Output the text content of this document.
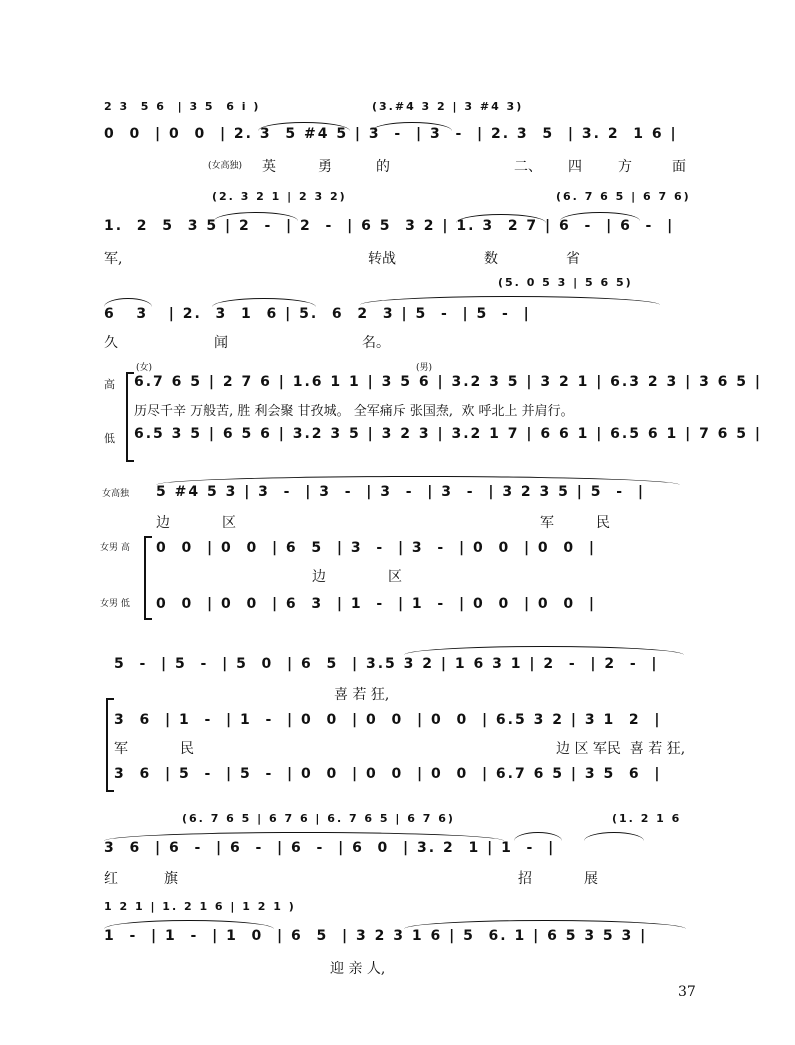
2 3  5 6  | 3 5  6 i )	(3.#4 3 2 | 3 #4 3)
0  0  | 0  0  | 2. 3  5 #4 5 | 3  -  | 3  -  | 2. 3  5  | 3. 2  1 6 |
(女高独) 英	勇	的	二、 四	方	面
(2. 3 2 1 | 2 3 2)	(6. 7 6 5 | 6 7 6)
1.  2  5  3 5 | 2  -  | 2  -  | 6 5  3 2 | 1. 3  2 7 | 6  -  | 6  -  |
军,	转战	数	省
(5. 0 5 3 | 5 6 5)
6   3   | 2.  3  1  6 | 5.  6  2  3 | 5  -  | 5  -  |
久	闻	名。
(女)	(男)
高
低
6.7 6 5 | 2 7 6 | 1.6 1 1 | 3 5 6 | 3.2 3 5 | 3 2 1 | 6.3 2 3 | 3 6 5 |
历尽千辛 万般苦, 胜 利会聚 甘孜城。 全军痛斥 张国焘,  欢 呼北上 并肩行。
6.5 3 5 | 6 5 6 | 3.2 3 5 | 3 2 3 | 3.2 1 7 | 6 6 1 | 6.5 6 1 | 7 6 5 |
女高独
女男 高
女男 低
5 #4 5 3 | 3  -  | 3  -  | 3  -  | 3  -  | 3 2 3 5 | 5  -  |
边	区	军	民
0  0  | 0  0  | 6  5  | 3  -  | 3  -  | 0  0  | 0  0  |
边	区
0  0  | 0  0  | 6  3  | 1  -  | 1  -  | 0  0  | 0  0  |
5  -  | 5  -  | 5  0  | 6  5  | 3.5 3 2 | 1 6 3 1 | 2  -  | 2  -  |
喜 若 狂,
3  6  | 1  -  | 1  -  | 0  0  | 0  0  | 0  0  | 6.5 3 2 | 3 1  2  |
军	民	边 区 军民  喜 若 狂,
3  6  | 5  -  | 5  -  | 0  0  | 0  0  | 0  0  | 6.7 6 5 | 3 5  6  |
(6. 7 6 5 | 6 7 6 | 6. 7 6 5 | 6 7 6)	(1. 2 1 6
3  6  | 6  -  | 6  -  | 6  -  | 6  0  | 3. 2  1 | 1  -  |
红	旗	招	展
1 2 1 | 1. 2 1 6 | 1 2 1 )
1  -  | 1  -  | 1  0  | 6  5  | 3 2 3 1 6 | 5  6. 1 | 6 5 3 5 3 |
迎 亲 人,
37
